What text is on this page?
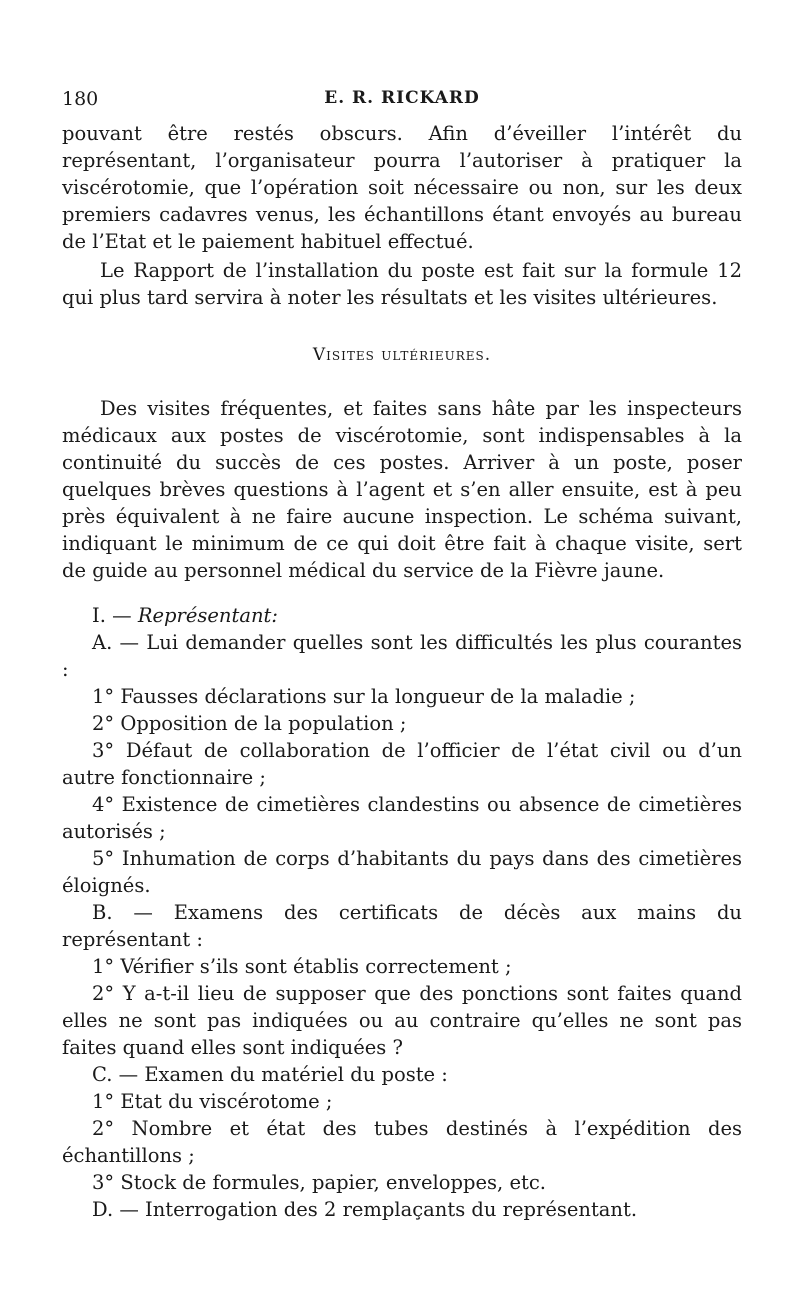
180	E. R. RICKARD

pouvant être restés obscurs. Afin d’éveiller l’intérêt du représentant, l’organisateur pourra l’autoriser à pratiquer la viscérotomie, que l’opération soit nécessaire ou non, sur les deux premiers cadavres venus, les échantillons étant envoyés au bureau de l’Etat et le paiement habituel effectué.

Le Rapport de l’installation du poste est fait sur la formule 12 qui plus tard servira à noter les résultats et les visites ultérieures.

Visites ultérieures.

Des visites fréquentes, et faites sans hâte par les inspecteurs médicaux aux postes de viscérotomie, sont indispensables à la continuité du succès de ces postes. Arriver à un poste, poser quelques brèves questions à l’agent et s’en aller ensuite, est à peu près équivalent à ne faire aucune inspection. Le schéma suivant, indiquant le minimum de ce qui doit être fait à chaque visite, sert de guide au personnel médical du service de la Fièvre jaune.

I. — Représentant:

A. — Lui demander quelles sont les difficultés les plus courantes :

1° Fausses déclarations sur la longueur de la maladie ;

2° Opposition de la population ;

3° Défaut de collaboration de l’officier de l’état civil ou d’un autre fonctionnaire ;

4° Existence de cimetières clandestins ou absence de cimetières autorisés ;

5° Inhumation de corps d’habitants du pays dans des cimetières éloignés.

B. — Examens des certificats de décès aux mains du représentant :

1° Vérifier s’ils sont établis correctement ;

2° Y a-t-il lieu de supposer que des ponctions sont faites quand elles ne sont pas indiquées ou au contraire qu’elles ne sont pas faites quand elles sont indiquées ?

C. — Examen du matériel du poste :

1° Etat du viscérotome ;

2° Nombre et état des tubes destinés à l’expédition des échantillons ;

3° Stock de formules, papier, enveloppes, etc.

D. — Interrogation des 2 remplaçants du représentant.
